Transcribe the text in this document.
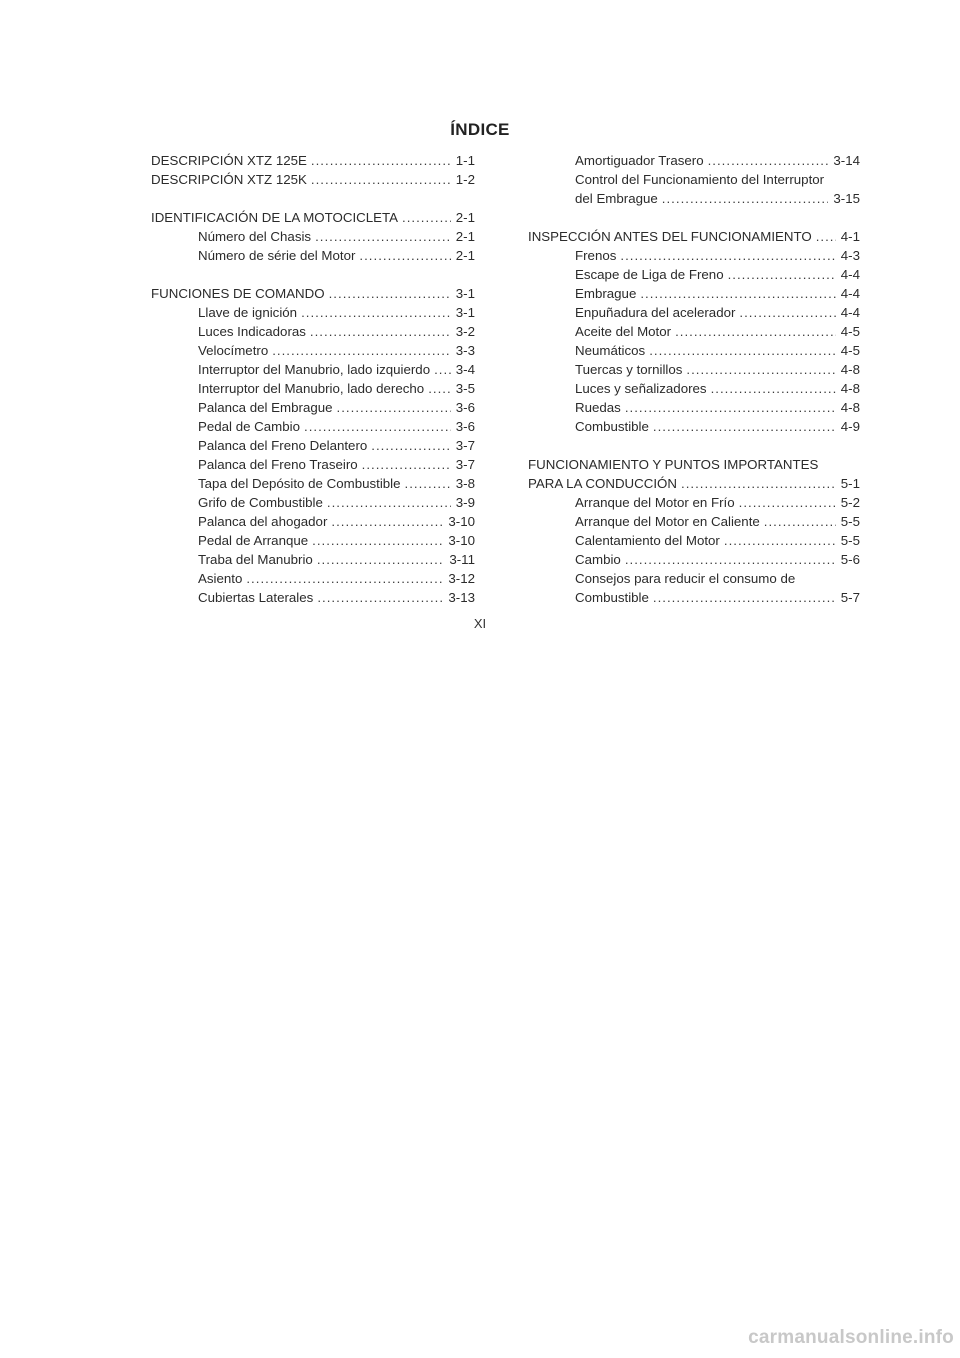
ÍNDICE
DESCRIPCIÓN XTZ 125E .....	1-1
DESCRIPCIÓN XTZ 125K .....	1-2
IDENTIFICACIÓN DE LA MOTOCICLETA .....	2-1
Número del Chasis .....	2-1
Número de série del Motor .....	2-1
FUNCIONES DE COMANDO .....	3-1
Llave de ignición .....	3-1
Luces Indicadoras .....	3-2
Velocímetro .....	3-3
Interruptor del Manubrio, lado izquierdo ..... 3-4
Interruptor del Manubrio, lado derecho ..... 3-5
Palanca del Embrague .....	3-6
Pedal de Cambio .....	3-6
Palanca del Freno Delantero .....	3-7
Palanca del Freno Traseiro .....	3-7
Tapa del Depósito de Combustible .....	3-8
Grifo de Combustible .....	3-9
Palanca del ahogador .....	3-10
Pedal de Arranque .....	3-10
Traba del Manubrio .....	3-11
Asiento .....	3-12
Cubiertas Laterales .....	3-13
Amortiguador Trasero .....	3-14
Control del Funcionamiento del Interruptor
del Embrague .....	3-15
INSPECCIÓN ANTES DEL FUNCIONAMIENTO ..... 4-1
Frenos .....	4-3
Escape de Liga de Freno .....	4-4
Embrague .....	4-4
Enpuñadura del acelerador .....	4-4
Aceite del Motor .....	4-5
Neumáticos .....	4-5
Tuercas y tornillos .....	4-8
Luces y señalizadores .....	4-8
Ruedas .....	4-8
Combustible .....	4-9
FUNCIONAMIENTO Y PUNTOS IMPORTANTES
PARA LA CONDUCCIÓN .....	5-1
Arranque del Motor en Frío .....	5-2
Arranque del Motor en Caliente .....	5-5
Calentamiento del Motor .....	5-5
Cambio .....	5-6
Consejos para reducir el consumo de
Combustible .....	5-7
XI
carmanualsonline.info
